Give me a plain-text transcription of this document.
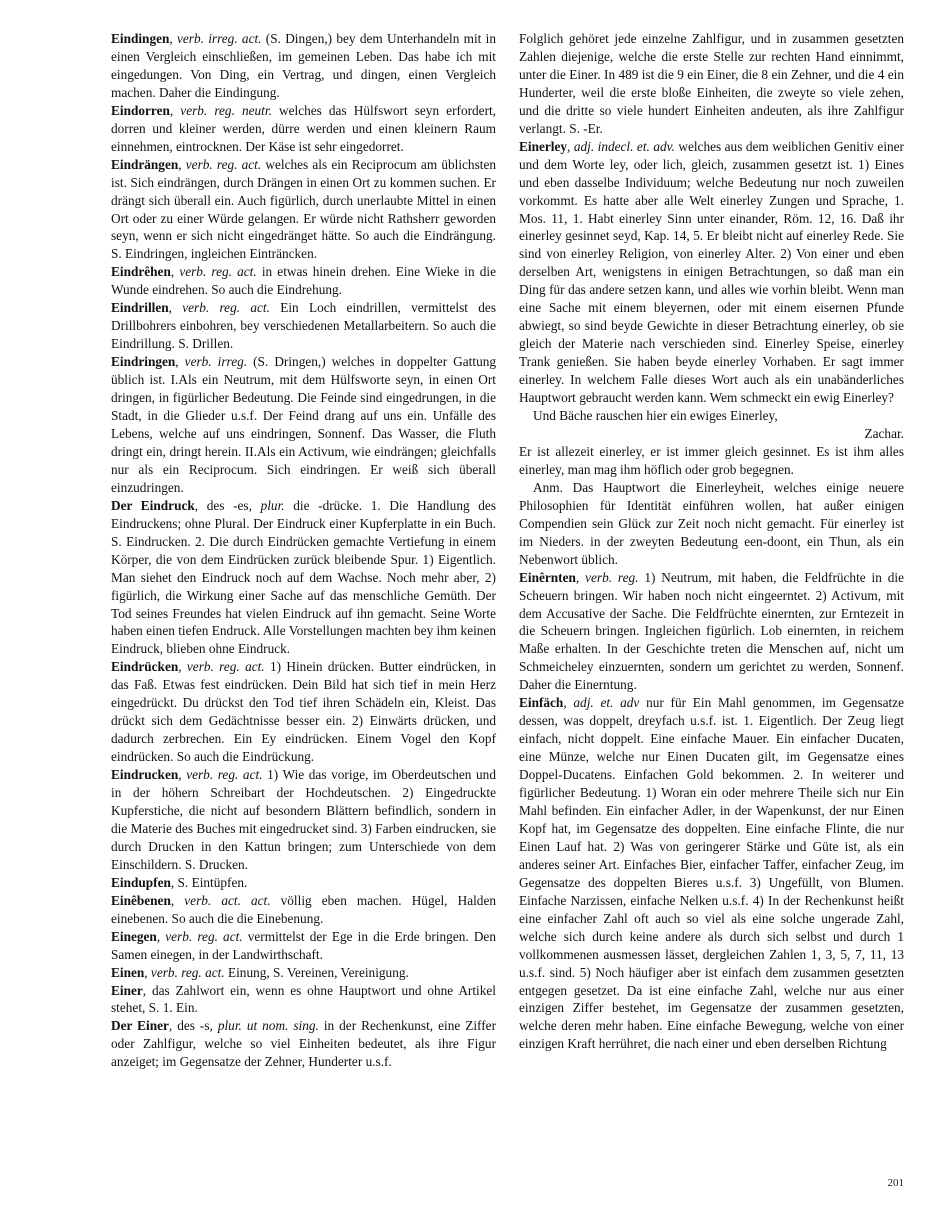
Eindingen, verb. irreg. act. (S. Dingen,) bey dem Unterhandeln mit in einen Vergleich einschließen, im gemeinen Leben. Das habe ich mit eingedungen. Von Ding, ein Vertrag, und dingen, einen Vergleich machen. Daher die Eindingung.

Eindorren, verb. reg. neutr. welches das Hülfswort seyn erfordert, dorren und kleiner werden, dürre werden und einen kleinern Raum einnehmen, eintrocknen. Der Käse ist sehr eingedorret.

Eindrängen, verb. reg. act. welches als ein Reciprocum am üblichsten ist. Sich eindrängen, durch Drängen in einen Ort zu kommen suchen. Er drängt sich überall ein. Auch figürlich, durch unerlaubte Mittel in einen Ort oder zu einer Würde gelangen. Er würde nicht Rathsherr geworden seyn, wenn er sich nicht eingedränget hätte. So auch die Eindrängung. S. Eindringen, ingleichen Einträncken.

Eindrêhen, verb. reg. act. in etwas hinein drehen. Eine Wieke in die Wunde eindrehen. So auch die Eindrehung.

Eindrillen, verb. reg. act. Ein Loch eindrillen, vermittelst des Drillbohrers einbohren, bey verschiedenen Metallarbeitern. So auch die Eindrillung. S. Drillen.

Eindringen, verb. irreg. (S. Dringen,) welches in doppelter Gattung üblich ist. I.Als ein Neutrum, mit dem Hülfsworte seyn, in einen Ort dringen, in figürlicher Bedeutung. Die Feinde sind eingedrungen, in die Stadt, in die Glieder u.s.f. Der Feind drang auf uns ein. Unfälle des Lebens, welche auf uns eindringen, Sonnenf. Das Wasser, die Fluth dringt ein, dringt herein. II.Als ein Activum, wie eindrängen; gleichfalls nur als ein Reciprocum. Sich eindringen. Er weiß sich überall einzudringen.

Der Eindruck, des -es, plur. die -drücke. 1. Die Handlung des Eindruckens; ohne Plural. Der Eindruck einer Kupferplatte in ein Buch. S. Eindrucken. 2. Die durch Eindrücken gemachte Vertiefung in einem Körper, die von dem Eindrücken zurück bleibende Spur. 1) Eigentlich. Man siehet den Eindruck noch auf dem Wachse. Noch mehr aber, 2) figürlich, die Wirkung einer Sache auf das menschliche Gemüth. Der Tod seines Freundes hat vielen Eindruck auf ihn gemacht. Seine Worte haben einen tiefen Endruck. Alle Vorstellungen machten bey ihm keinen Eindruck, blieben ohne Eindruck.

Eindrücken, verb. reg. act. 1) Hinein drücken. Butter eindrücken, in das Faß. Etwas fest eindrücken. Dein Bild hat sich tief in mein Herz eingedrückt. Du drückst den Tod tief ihren Schädeln ein, Kleist. Das drückt sich dem Gedächtnisse besser ein. 2) Einwärts drücken, und dadurch zerbrechen. Ein Ey eindrücken. Einem Vogel den Kopf eindrücken. So auch die Eindrückung.

Eindrucken, verb. reg. act. 1) Wie das vorige, im Oberdeutschen und in der höhern Schreibart der Hochdeutschen. 2) Eingedruckte Kupferstiche, die nicht auf besondern Blättern befindlich, sondern in die Materie des Buches mit eingedrucket sind. 3) Farben eindrucken, sie durch Drucken in den Kattun bringen; zum Unterschiede von dem Einschildern. S. Drucken.

Eindupfen, S. Eintüpfen.

Einêbenen, verb. act. act. völlig eben machen. Hügel, Halden einebenen. So auch die die Einebenung.

Einegen, verb. reg. act. vermittelst der Ege in die Erde bringen. Den Samen einegen, in der Landwirthschaft.

Einen, verb. reg. act. Einung, S. Vereinen, Vereinigung.

Einer, das Zahlwort ein, wenn es ohne Hauptwort und ohne Artikel stehet, S. 1. Ein.

Der Einer, des -s, plur. ut nom. sing. in der Rechenkunst, eine Ziffer oder Zahlfigur, welche so viel Einheiten bedeutet, als ihre Figur anzeiget; im Gegensatze der Zehner, Hunderter u.s.f.

Folglich gehöret jede einzelne Zahlfigur, und in zusammen gesetzten Zahlen diejenige, welche die erste Stelle zur rechten Hand einnimmt, unter die Einer. In 489 ist die 9 ein Einer, die 8 ein Zehner, und die 4 ein Hunderter, weil die erste bloße Einheiten, die zweyte so viele zehen, und die dritte so viele hundert Einheiten andeuten, als ihre Zahlfigur verlangt. S. -Er.

Einerley, adj. indecl. et. adv. welches aus dem weiblichen Genitiv einer und dem Worte ley, oder lich, gleich, zusammen gesetzt ist. 1) Eines und eben dasselbe Individuum; welche Bedeutung nur noch zuweilen vorkommt. Es hatte aber alle Welt einerley Zungen und Sprache, 1. Mos. 11, 1. Habt einerley Sinn unter einander, Röm. 12, 16. Daß ihr einerley gesinnet seyd, Kap. 14, 5. Er bleibt nicht auf einerley Rede. Sie sind von einerley Religion, von einerley Alter. 2) Von einer und eben derselben Art, wenigstens in einigen Betrachtungen, so daß man ein Ding für das andere setzen kann, und alles wie vorhin bleibt. Wenn man eine Sache mit einem bleyernen, oder mit einem eisernen Pfunde abwiegt, so sind beyde Gewichte in dieser Betrachtung einerley, ob sie gleich der Materie nach verschieden sind. Einerley Speise, einerley Trank genießen. Sie haben beyde einerley Vorhaben. Er sagt immer einerley. In welchem Falle dieses Wort auch als ein unabänderliches Hauptwort gebraucht werden kann. Wem schmeckt ein ewig Einerley?

Und Bäche rauschen hier ein ewiges Einerley,

Zachar.

Er ist allezeit einerley, er ist immer gleich gesinnet. Es ist ihm alles einerley, man mag ihm höflich oder grob begegnen.

Anm. Das Hauptwort die Einerleyheit, welches einige neuere Philosophien für Identität einführen wollen, hat außer einigen Compendien sein Glück zur Zeit noch nicht gemacht. Für einerley ist im Nieders. in der zweyten Bedeutung een-doont, ein Thun, als ein Nebenwort üblich.

Einêrnten, verb. reg. 1) Neutrum, mit haben, die Feldfrüchte in die Scheuern bringen. Wir haben noch nicht eingeerntet. 2) Activum, mit dem Accusative der Sache. Die Feldfrüchte einernten, zur Erntezeit in die Scheuern bringen. Ingleichen figürlich. Lob einernten, in reichem Maße erhalten. In der Geschichte treten die Menschen auf, nicht um Schmeicheley einzuernten, sondern um gerichtet zu werden, Sonnenf. Daher die Einerntung.

Einfäch, adj. et. adv nur für Ein Mahl genommen, im Gegensatze dessen, was doppelt, dreyfach u.s.f. ist. 1. Eigentlich. Der Zeug liegt einfach, nicht doppelt. Eine einfache Mauer. Ein einfacher Ducaten, eine Münze, welche nur Einen Ducaten gilt, im Gegensatze eines Doppel-Ducatens. Einfachen Gold bekommen. 2. In weiterer und figürlicher Bedeutung. 1) Woran ein oder mehrere Theile sich nur Ein Mahl befinden. Ein einfacher Adler, in der Wapenkunst, der nur Einen Kopf hat, im Gegensatze des doppelten. Eine einfache Flinte, die nur Einen Lauf hat. 2) Was von geringerer Stärke und Güte ist, als ein anderes seiner Art. Einfaches Bier, einfacher Taffer, einfacher Zeug, im Gegensatze des doppelten Bieres u.s.f. 3) Ungefüllt, von Blumen. Einfache Narzissen, einfache Nelken u.s.f. 4) In der Rechenkunst heißt eine einfacher Zahl oft auch so viel als eine solche ungerade Zahl, welche sich durch keine andere als durch sich selbst und durch 1 vollkommenen ausmessen lässet, dergleichen Zahlen 1, 3, 5, 7, 11, 13 u.s.f. sind. 5) Noch häufiger aber ist einfach dem zusammen gesetzten entgegen gesetzet. Da ist eine einfache Zahl, welche nur aus einer einzigen Ziffer bestehet, im Gegensatze der zusammen gesetzten, welche deren mehr haben. Eine einfache Bewegung, welche von einer einzigen Kraft herrühret, die nach einer und eben derselben Richtung

201
